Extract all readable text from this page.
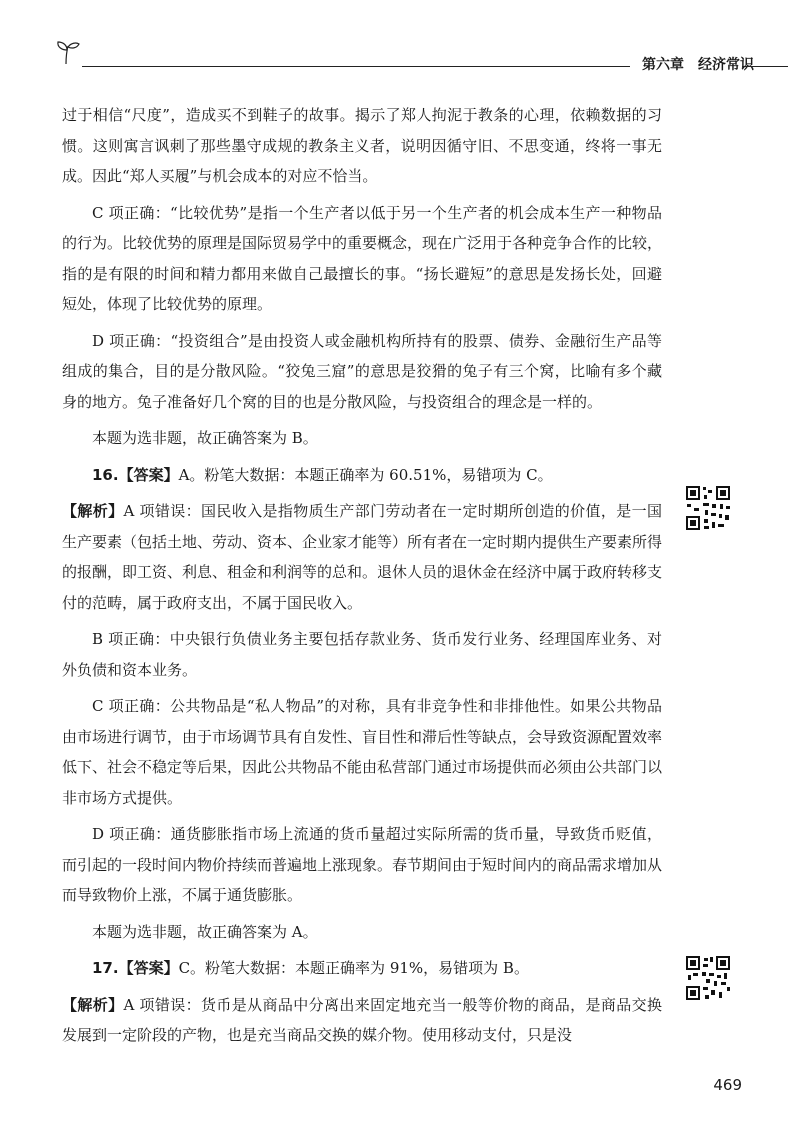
第六章 经济常识

过于相信“尺度”，造成买不到鞋子的故事。揭示了郑人拘泥于教条的心理，依赖数据的习惯。这则寓言讽刺了那些墨守成规的教条主义者，说明因循守旧、不思变通，终将一事无成。因此“郑人买履”与机会成本的对应不恰当。

C 项正确：“比较优势”是指一个生产者以低于另一个生产者的机会成本生产一种物品的行为。比较优势的原理是国际贸易学中的重要概念，现在广泛用于各种竞争合作的比较，指的是有限的时间和精力都用来做自己最擅长的事。“扬长避短”的意思是发扬长处，回避短处，体现了比较优势的原理。

D 项正确：“投资组合”是由投资人或金融机构所持有的股票、债券、金融衍生产品等组成的集合，目的是分散风险。“狡兔三窟”的意思是狡猾的兔子有三个窝，比喻有多个藏身的地方。兔子准备好几个窝的目的也是分散风险，与投资组合的理念是一样的。

本题为选非题，故正确答案为 B。

16.【答案】A。粉笔大数据：本题正确率为 60.51%，易错项为 C。

【解析】A 项错误：国民收入是指物质生产部门劳动者在一定时期所创造的价值，是一国生产要素（包括土地、劳动、资本、企业家才能等）所有者在一定时期内提供生产要素所得的报酬，即工资、利息、租金和利润等的总和。退休人员的退休金在经济中属于政府转移支付的范畴，属于政府支出，不属于国民收入。

B 项正确：中央银行负债业务主要包括存款业务、货币发行业务、经理国库业务、对外负债和资本业务。

C 项正确：公共物品是“私人物品”的对称，具有非竞争性和非排他性。如果公共物品由市场进行调节，由于市场调节具有自发性、盲目性和滞后性等缺点，会导致资源配置效率低下、社会不稳定等后果，因此公共物品不能由私营部门通过市场提供而必须由公共部门以非市场方式提供。

D 项正确：通货膨胀指市场上流通的货币量超过实际所需的货币量，导致货币贬值，而引起的一段时间内物价持续而普遍地上涨现象。春节期间由于短时间内的商品需求增加从而导致物价上涨，不属于通货膨胀。

本题为选非题，故正确答案为 A。

17.【答案】C。粉笔大数据：本题正确率为 91%，易错项为 B。

【解析】A 项错误：货币是从商品中分离出来固定地充当一般等价物的商品，是商品交换发展到一定阶段的产物，也是充当商品交换的媒介物。使用移动支付，只是没

469
